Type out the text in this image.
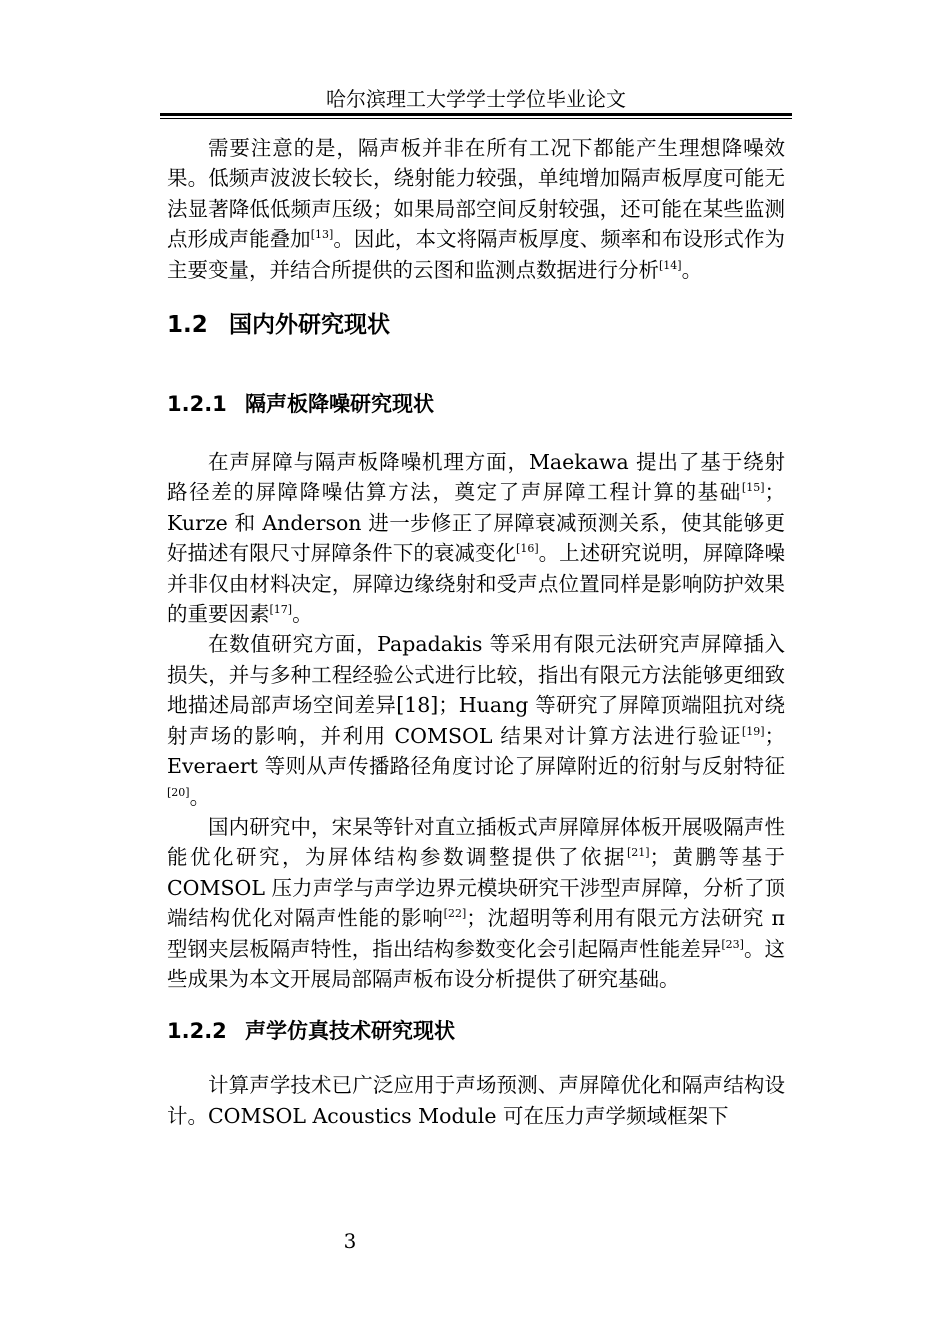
哈尔滨理工大学学士学位毕业论文

需要注意的是，隔声板并非在所有工况下都能产生理想降噪效果。低频声波波长较长，绕射能力较强，单纯增加隔声板厚度可能无法显著降低低频声压级；如果局部空间反射较强，还可能在某些监测点形成声能叠加[13]。因此，本文将隔声板厚度、频率和布设形式作为主要变量，并结合所提供的云图和监测点数据进行分析[14]。

1.2 国内外研究现状
1.2.1 隔声板降噪研究现状

在声屏障与隔声板降噪机理方面，Maekawa 提出了基于绕射路径差的屏障降噪估算方法，奠定了声屏障工程计算的基础[15]；Kurze 和 Anderson 进一步修正了屏障衰减预测关系，使其能够更好描述有限尺寸屏障条件下的衰减变化[16]。上述研究说明，屏障降噪并非仅由材料决定，屏障边缘绕射和受声点位置同样是影响防护效果的重要因素[17]。

在数值研究方面，Papadakis 等采用有限元法研究声屏障插入损失，并与多种工程经验公式进行比较，指出有限元方法能够更细致地描述局部声场空间差异[18]；Huang 等研究了屏障顶端阻抗对绕射声场的影响，并利用 COMSOL 结果对计算方法进行验证[19]；Everaert 等则从声传播路径角度讨论了屏障附近的衍射与反射特征[20]。

国内研究中，宋杲等针对直立插板式声屏障屏体板开展吸隔声性能优化研究，为屏体结构参数调整提供了依据[21]；黄鹏等基于 COMSOL 压力声学与声学边界元模块研究干涉型声屏障，分析了顶端结构优化对隔声性能的影响[22]；沈超明等利用有限元方法研究 π 型钢夹层板隔声特性，指出结构参数变化会引起隔声性能差异[23]。这些成果为本文开展局部隔声板布设分析提供了研究基础。

1.2.2 声学仿真技术研究现状

计算声学技术已广泛应用于声场预测、声屏障优化和隔声结构设计。COMSOL Acoustics Module 可在压力声学频域框架下

3
